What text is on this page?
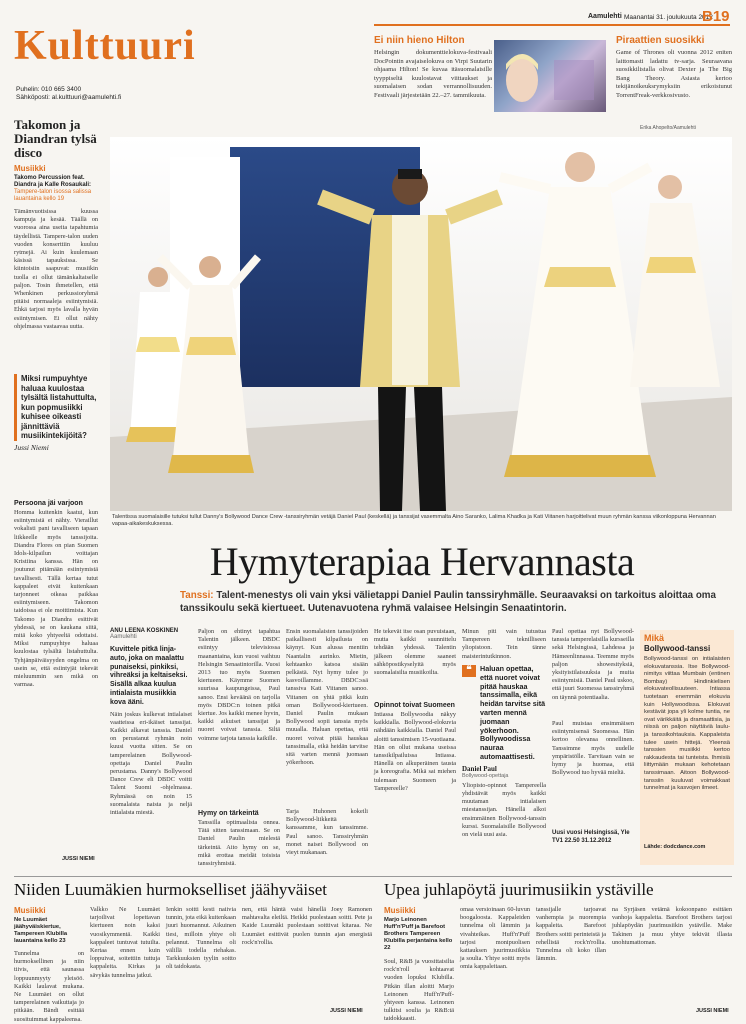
Kulttuuri
Puhelin: 010 665 3400
Sähköposti: al.kulttuuri@aamulehti.fi
Aamulehti Maanantai 31. joulukuuta 2012
B19
Ei niin hieno Hilton
Helsingin dokumenttielokuva-festivaali DocPointin avajaiselokuva on Virpi Suutarin ohjaama Hilton! Se kuvaa itäsuomalaisille tyyppiseltä kuulostavat viittaukset ja suomalaisen sodan verrannollisuuden. Festivaali järjestetään 22.–27. tammikuuta.
Piraattien suosikki
Game of Thrones oli vuonna 2012 eniten laittomasti ladattu tv-sarja. Seuraavana suosikkilistalla olivat Dexter ja The Big Bang Theory. Asiasta kertoo tekijänoikeuksrymyksiin erikoistunut TorrentFreak-verkkosivusto.
Erika Ahopelto/Aamulehti
Takomon ja Diandran tylsä disco
Musiikki
Takomo Percussion feat. Diandra ja Kalle Rosaukali:
Tampere-talon isossa salissa lauantaina kello 19
Tämänvuotisissa kuussa kampuja ja kesää. Täällä on vuorossa aina useita tapahtumia täydellistä. Tampere-talon uuden vuoden konserttiin kuuluu rytmejä. Ai kuin kuulemaan käsissä tapauksissa. Se kiintoisiin saapuvat: musiikin tuolla ei ollut tämänkaltaiselle paljon. Tosin ihmetellen, että Whenkinen perkussioryhmä pitäisi normaaleja esiintymisiä. Ehkä tarjosi myös lavalla hyvän esiintymisen. Ei ollut nähty ohjelmassa vastaavaa uutta.
Miksi rumpuyhtye haluaa kuulostaa tylsältä listahuttulta, kun popmusiikki kuhisee oikeasti jännittäviä musiikintekijöitä?
Jussi Niemi
Persoona jäi varjoon
Homma kuitenkin kaatui, kun esiintymistä ei nähty. Vieraillut vokalisti pani tavalliseen tapaan liikkeelle myös tanssijoita. Diandra Flores on pian Suomen Idols-kilpailun voittajan Kristiina kanssa. Hän on joutunut pitämään esiintymistä tavallisesti. Tällä kertaa tutut kappaleet eivät kuitenkaan tarjonneet oikeaa paikkaa esiintymiseen. Takomon taidoissa ei ole moittimista. Kun Takomo ja Diandra esittivät yhdessä, se on kaukana siitä, mitä koko yhtyeeltä odottaisi. Miksi rumpuyhtye haluaa kuulostaa tylsältä listahuttulta. Tyhjänpäiväisyyden ongelma on usein se, että esiintyjät tekevät mieluummin sen mikä on varmaa.
JUSSI NIEMI
Talentissa suomalaisille tutuksi tullut Danny's Bollywood Dance Crew -tanssiryhmän vetäjä Daniel Paul (keskellä) ja tanssijat vasemmalta Aino Saranko, Lalima Khadka ja Kati Viitanen harjoittelivat muun ryhmän kanssa viikonloppuna Hervannan vapaa-aikakeskuksessa.
Hymyterapiaa Hervannasta
Tanssi: Talent-menestys oli vain yksi välietappi Daniel Paulin tanssiryhmälle. Seuraavaksi on tarkoitus aloittaa oma tanssikoulu sekä kiertueet. Uutenavuotena ryhmä valaisee Helsingin Senaatintorin.
ANU LEENA KOSKINEN
Aamulehti
Kuvittele pitkä linja-auto, joka on maalattu punaiseksi, pinkiksi, vihreäksi ja keltaiseksi. Sisällä alkaa kuulua intialaista musiikkia kova ääni.
Näin joskus kulkevat intialaiset vaatteissa eri-ikäiset tanssijat. Kaikki alkavat tanssia. Daniel on perustanut ryhmän noin kuusi vuotta sitten. Se on tamperelainen Bollywood-opettaja Daniel Paulin perustama. Danny's Bollywood Dance Crew eli DBDC voitti Talent Suomi -ohjelmassa. Ryhmässä on noin 15 suomalaista naista ja neljä intialaista miestä.
Paljon on ehtinyt tapahtua Talentin jälkeen. DBDC esiintyy televisiossa maanantaina, kun vuosi vaihtuu Helsingin Senaatintorilla. Vuosi 2013 tuo myös Suomen kiertueen. Käymme Suomen suurissa kaupungeissa, Paul sanoo. Ensi keväänä on tarjolla myös DBDC:n toinen pitkä kiertue. Jos kaikki menee hyvin, kaikki aikuiset tanssijat ja nuoret voivat tanssia. Siltä voimme tarjota tanssia kaikille.
Hymy on tärkeintä
Tanssilla optimaalista onnea. Tätä sitten tanssimaan. Se on Daniel Paulin mielestä tärkeintä. Aito hymy on se, mikä erottaa meidät toisista tanssiryhmistä.
Ensin suomalaisten tanssijoiden paikallisesti kilpailusta on käynyt. Kun alussa mentiin Naantalin aurinko. Mietin, kehtaanko katsoa sisään pelkästä. Nyt hymy tulee jo kasvoillamme. DBDC:ssä tanssiva Kati Viitanen sanoo. Viitanen on yhtä pitkä kuin oman Bollywood-kiertueen. Daniel Paulin mukaan Bollywood sopii tanssia myös muualla. Haluan opettaa, että nuoret voivat pitää hauskaa tanssimalla, eikä heidän tarvitse sitä varten mennä juomaan yökerhoon.
Tarja Huhonen kokeili Bollywood-liikkeitä kanssamme, kun tanssimme. Paul sanoo. Tanssiryhmän monet naiset Bollywood on vieyt mukanaan.
He tekevät itse osan puvuistaan, mutta kaikki suunnittelu tehdään yhdessä. Talentin jälkeen olemme saaneet sähköpostikyselyitä myös suomalaisilta musiikoilta.
Opinnot toivat Suomeen
Intiassa Bollywoodia näkyy kaikkialla. Bollywood-elokuvia nähdään kaikkialla. Daniel Paul aloitti tanssimisen 15-vuotiaana. Hän on ollut mukana useissa tanssikilpailuissa Intiassa. Hänellä on alkuperäinen tausta ja koreografia. Mikä sai miehen tulemaan Suomeen ja Tampereelle?
Minun piti vain tutustua Tampereen teknilliseen yliopistoon. Tein tänne maisterintutkinnon.
❝	Haluan opettaa, että nuoret voivat pitää hauskaa tanssimalla, eikä heidän tarvitse sitä varten mennä juomaan yökerhoon. Bollywoodissa nauraa automaattisesti.
Daniel Paul
Bollywood-opettaja
Yliopisto-opinnot Tampereella yhdistävät myös kaikki muutaman intialaisen miestanssijan. Hänellä alkoi ensimmäinen Bollywood-tanssin kurssi. Suomalaisille Bollywood on vielä uusi asia.
Paul opettaa nyt Bollywood-tanssia tamperelaisilla kursseilla sekä Helsingissä, Lahdessa ja Hämeenlinnassa. Teemme myös paljon showesityksiä, yksityistilaisuuksia ja muita esiintymisiä. Daniel Paul uskoo, että juuri Suomessa tanssiryhmä on täynnä potentiaalia.
Paul muistaa ensimmäisen esiintymisensä Suomessa. Hän kertoo olevansa onnellinen. Tanssimme myös uudelle ympäristölle. Tarvitaan vain se hymy ja huomaa, että Bollywood tuo hyvää mieltä.
Uusi vuosi Helsingissä, Yle TV1 22.50 31.12.2012
Mikä
Bollywood-tanssi
Bollywood-tanssi on intialaisten elokuvatanssia. Itse Bollywood-nimitys viittaa Mumbain (entinen Bombay) Hindinkielisen elokuvateollisuuteen. Intiassa tuotetaan enemmän elokuvia kuin Hollywoodissa. Elokuvat kestävät jopa yli kolme tuntia, ne ovat värikkäitä ja dramaattisia, ja niissä on paljon näyttäviä laulu- ja tanssikohtauksia. Kappaleista tulee usein hittejä. Yleensä tanssien musiikki kertoo rakkaudesta tai tunteista. Ihmisiä liittymään mukaan kehotetaan tanssimaan. Aitoon Bollywood-tanssiin kuuluvat voimakkaat tunnelmat ja kasvojen ilmeet.
Lähde: dodcdance.com
Niiden Luumäkien hurmokselliset jäähyväiset
Musiikki
Ne Luumäet jäähyväiskiertue, Tampereen Klubilla lauantaina kello 23
Tunnelma on hurmoksellinen ja niin tiivis, että saunassa loppuunmyyty yleisöö. Kaikki laulavat mukana. Ne Luumäet on ollut tamperelainen vaikuttaja jo pitkään. Bändi esittää suosituimmat kappaleensa.
Valkko Ne Luumäet tarjoilivat lopettavan kiertueen noin kaksi vuosikymmentä. Kaikki kappaleet tuntuvat tutuilta. Kertaa ennen kuin loppuivat, soitettiin tuttuja kappaleita. Kirkas ja sävykäs tunnelma jatkui.
Ienkin soitti kesti naiivia tunnin, jota eikä kuitenkaan juuri huomannut. Aikuinen tiesi, milloin yhtye oli pelannut. Tunnelma oli välillä todella riehakas. Tarkkuuksien tyylin soitto oli taidokasta.
nen, että häntä vaisi hänellä Joey Ramonen mahtavalta eleiltä. Heikki puolestaan soitti. Pete ja Kaide Luumäki puolestaan soittivat kitaraa. Ne Luumäet esittivät puolen tunnin ajan energistä rock'n'rollia.
JUSSI NIEMI
Upea juhlapöytä juurimusiikin ystäville
Musiikki
Marjo Leinonen Huff'n'Puff ja Barefoot Brothers Tampereen Klubilla perjantaina kello 22
Soul, R&B ja vuosittaisilta rock'n'roll kohtaavat vuoden lopuksi Klubilla. Pitkän illan aloitti Marjo Leinonen Huff'n'Puff-yhtyeen kanssa. Leinonen tulkitsi soulia ja R&B:tä taidokkaasti.
omaa versioinaan 60-luvun boogaloosta. Kappaleiden tunnelma oli lämmin ja vivahteikas. Huff'n'Puff tarjosi monipuolisen kattauksen juurimusiikkia ja soulia. Yhtye soitti myös omia kappaleitaan.
tanssijalle tarjoavat vanhempia ja nuorempia kappaleita. Barefoot Brothers soitti perinteistä ja rehellistä rock'n'rollia. Tunnelma oli koko illan lämmin.
na Syrjäsen vetämä kokoonpano esittäen vanhoja kappaleita. Barefoot Brothers tarjosi juhlapöydän juurimusiikin ystäville. Make Takinen ja muu yhtye tekivät illasta unohtumattoman.
JUSSI NIEMI
